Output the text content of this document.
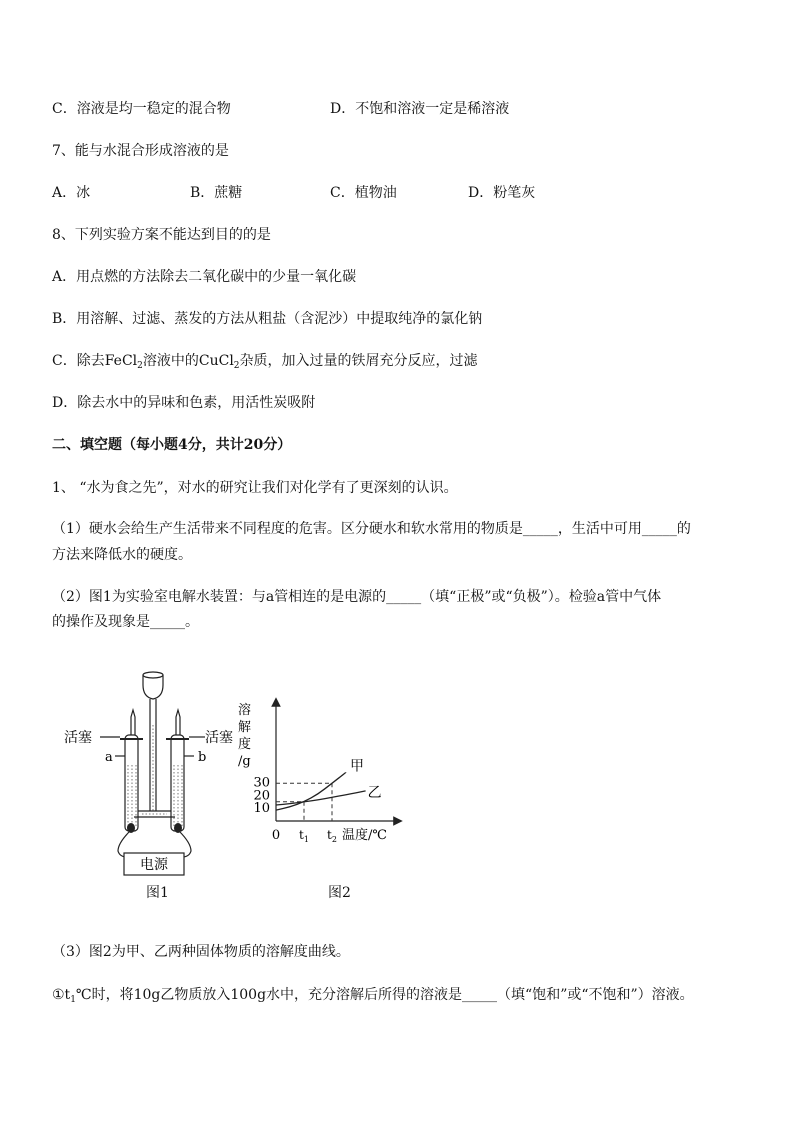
C．溶液是均一稳定的混合物	D．不饱和溶液一定是稀溶液
7、能与水混合形成溶液的是
A．冰	B．蔗糖	C．植物油	D．粉笔灰
8、下列实验方案不能达到目的的是
A．用点燃的方法除去二氧化碳中的少量一氧化碳
B．用溶解、过滤、蒸发的方法从粗盐（含泥沙）中提取纯净的氯化钠
C．除去FeCl$_2$溶液中的CuCl$_2$杂质，加入过量的铁屑充分反应，过滤
D．除去水中的异味和色素，用活性炭吸附
二、填空题（每小题4分，共计20分）
1、 “水为食之先”，对水的研究让我们对化学有了更深刻的认识。
（1）硬水会给生产生活带来不同程度的危害。区分硬水和软水常用的物质是_____，生活中可用_____的
方法来降低水的硬度。
（2）图1为实验室电解水装置：与a管相连的是电源的_____（填“正极”或“负极”）。检验a管中气体
的操作及现象是_____。
电源
活塞	活塞
a	b
图1
溶
解
度
/g
10
20
30
$t_1$ $t_2$
甲
乙
0	温度/℃
图2
（3）图2为甲、乙两种固体物质的溶解度曲线。
$①t_1℃$时，将10g乙物质放入100g水中，充分溶解后所得的溶液是_____（填“饱和”或“不饱和”）溶液。
